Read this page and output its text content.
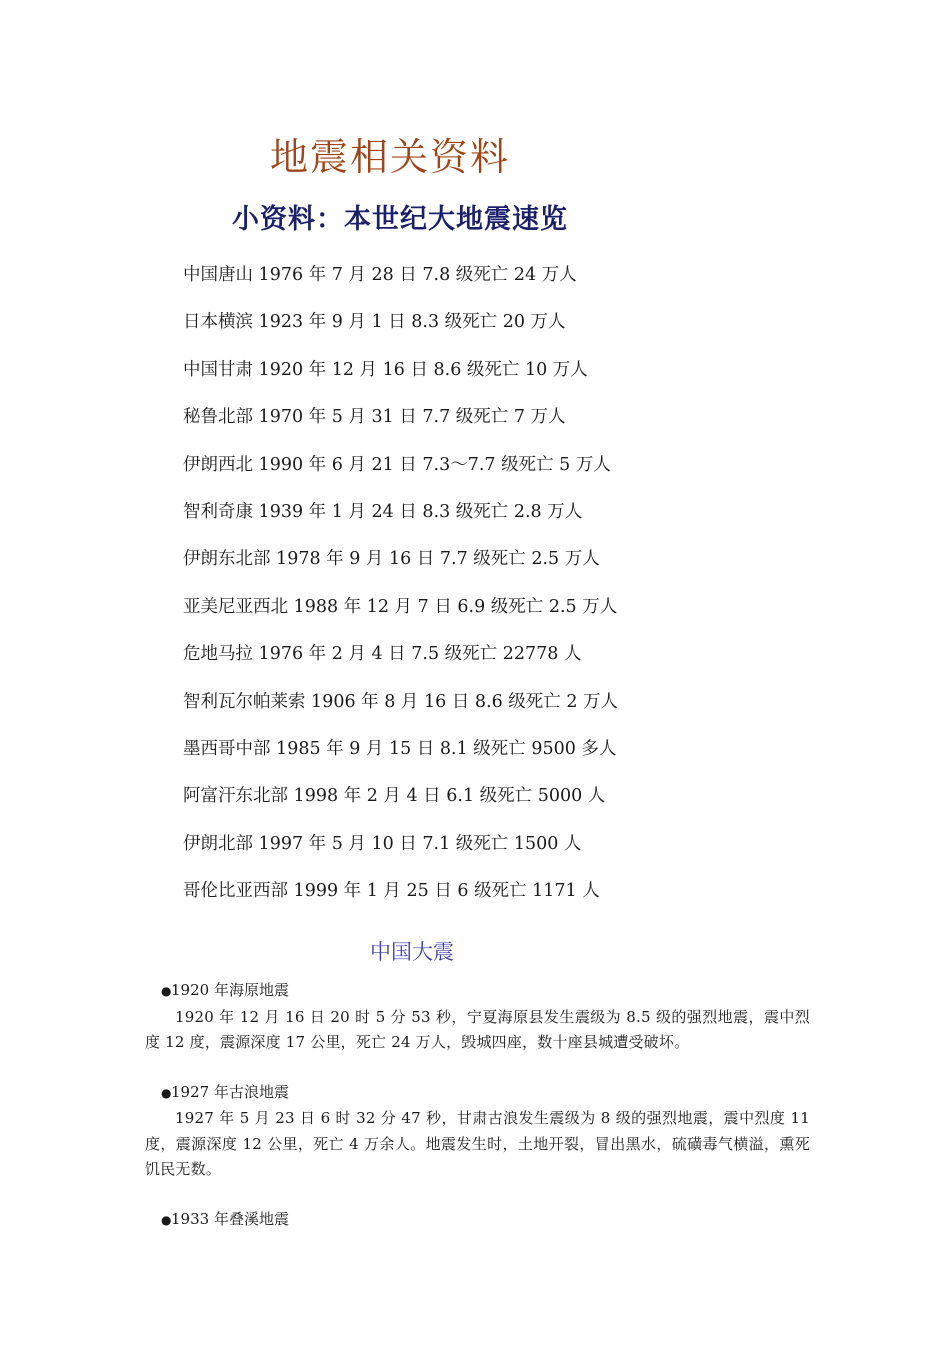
地震相关资料
小资料：本世纪大地震速览
中国唐山 1976 年 7 月 28 日 7.8 级死亡 24 万人
日本横滨 1923 年 9 月 1 日 8.3 级死亡 20 万人
中国甘肃 1920 年 12 月 16 日 8.6 级死亡 10 万人
秘鲁北部 1970 年 5 月 31 日 7.7 级死亡 7 万人
伊朗西北 1990 年 6 月 21 日 7.3～7.7 级死亡 5 万人
智利奇康 1939 年 1 月 24 日 8.3 级死亡 2.8 万人
伊朗东北部 1978 年 9 月 16 日 7.7 级死亡 2.5 万人
亚美尼亚西北 1988 年 12 月 7 日 6.9 级死亡 2.5 万人
危地马拉 1976 年 2 月 4 日 7.5 级死亡 22778 人
智利瓦尔帕莱索 1906 年 8 月 16 日 8.6 级死亡 2 万人
墨西哥中部 1985 年 9 月 15 日 8.1 级死亡 9500 多人
阿富汗东北部 1998 年 2 月 4 日 6.1 级死亡 5000 人
伊朗北部 1997 年 5 月 10 日 7.1 级死亡 1500 人
哥伦比亚西部 1999 年 1 月 25 日 6 级死亡 1171 人
中国大震
●1920 年海原地震

1920 年 12 月 16 日 20 时 5 分 53 秒，宁夏海原县发生震级为 8.5 级的强烈地震，震中烈度 12 度，震源深度 17 公里，死亡 24 万人，毁城四座，数十座县城遭受破坏。

●1927 年古浪地震

1927 年 5 月 23 日 6 时 32 分 47 秒，甘肃古浪发生震级为 8 级的强烈地震，震中烈度 11 度，震源深度 12 公里，死亡 4 万余人。地震发生时，土地开裂，冒出黑水，硫磺毒气横溢，熏死饥民无数。

●1933 年叠溪地震
